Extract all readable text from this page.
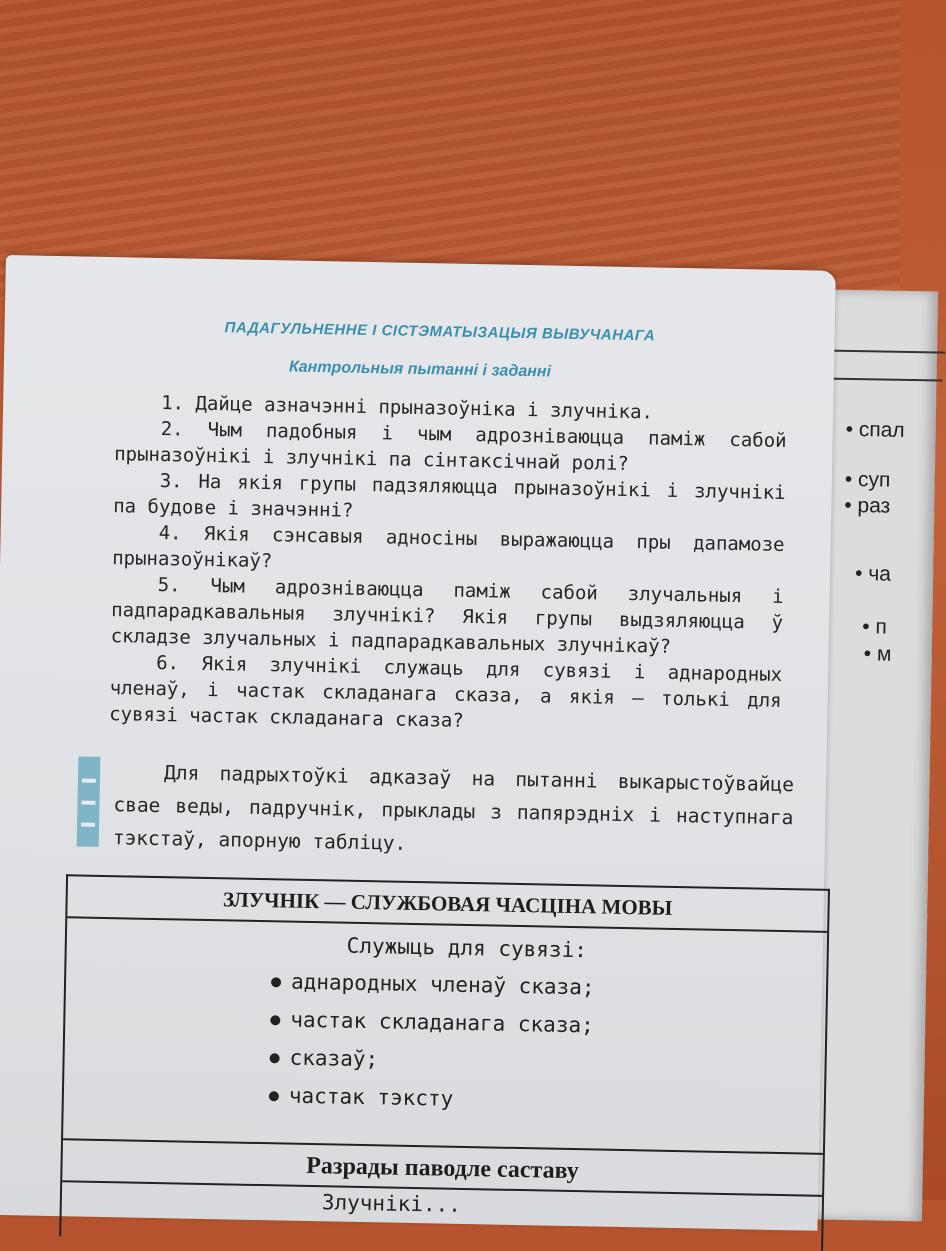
• спал
• суп
• раз
• ча
• п
• м
ПАДАГУЛЬНЕННЕ І СІСТЭМАТЫЗАЦЫЯ ВЫВУЧАНАГА
Кантрольныя пытанні і заданні

1. Дайце азначэнні прыназоўніка і злучніка.

2. Чым падобныя і чым адрозніваюцца паміж сабой прыназоўнікі і злучнікі па сінтаксічнай ролі?

3. На якія групы падзяляюцца прыназоўнікі і злучнікі па будове і значэнні?

4. Якія сэнсавыя адносіны выражаюцца пры дапамозе прыназоўнікаў?

5. Чым адрозніваюцца паміж сабой злучальныя і падпарадкавальныя злучнікі? Якія групы выдзяляюцца ў складзе злучальных і падпарадкавальных злучнікаў?

6. Якія злучнікі служаць для сувязі і аднародных членаў, і частак складанага сказа, а якія — толькі для сувязі частак складанага сказа?

Для падрыхтоўкі адказаў на пытанні выкарыстоўвайце свае веды, падручнік, прыклады з папярэдніх і наступнага тэкстаў, апорную табліцу.
ЗЛУЧНІК — СЛУЖБОВАЯ ЧАСЦІНА МОВЫ
Служыць для сувязі:
аднародных членаў сказа;
частак складанага сказа;
сказаў;
частак тэксту
Разрады паводле саставу
Злучнікі...
